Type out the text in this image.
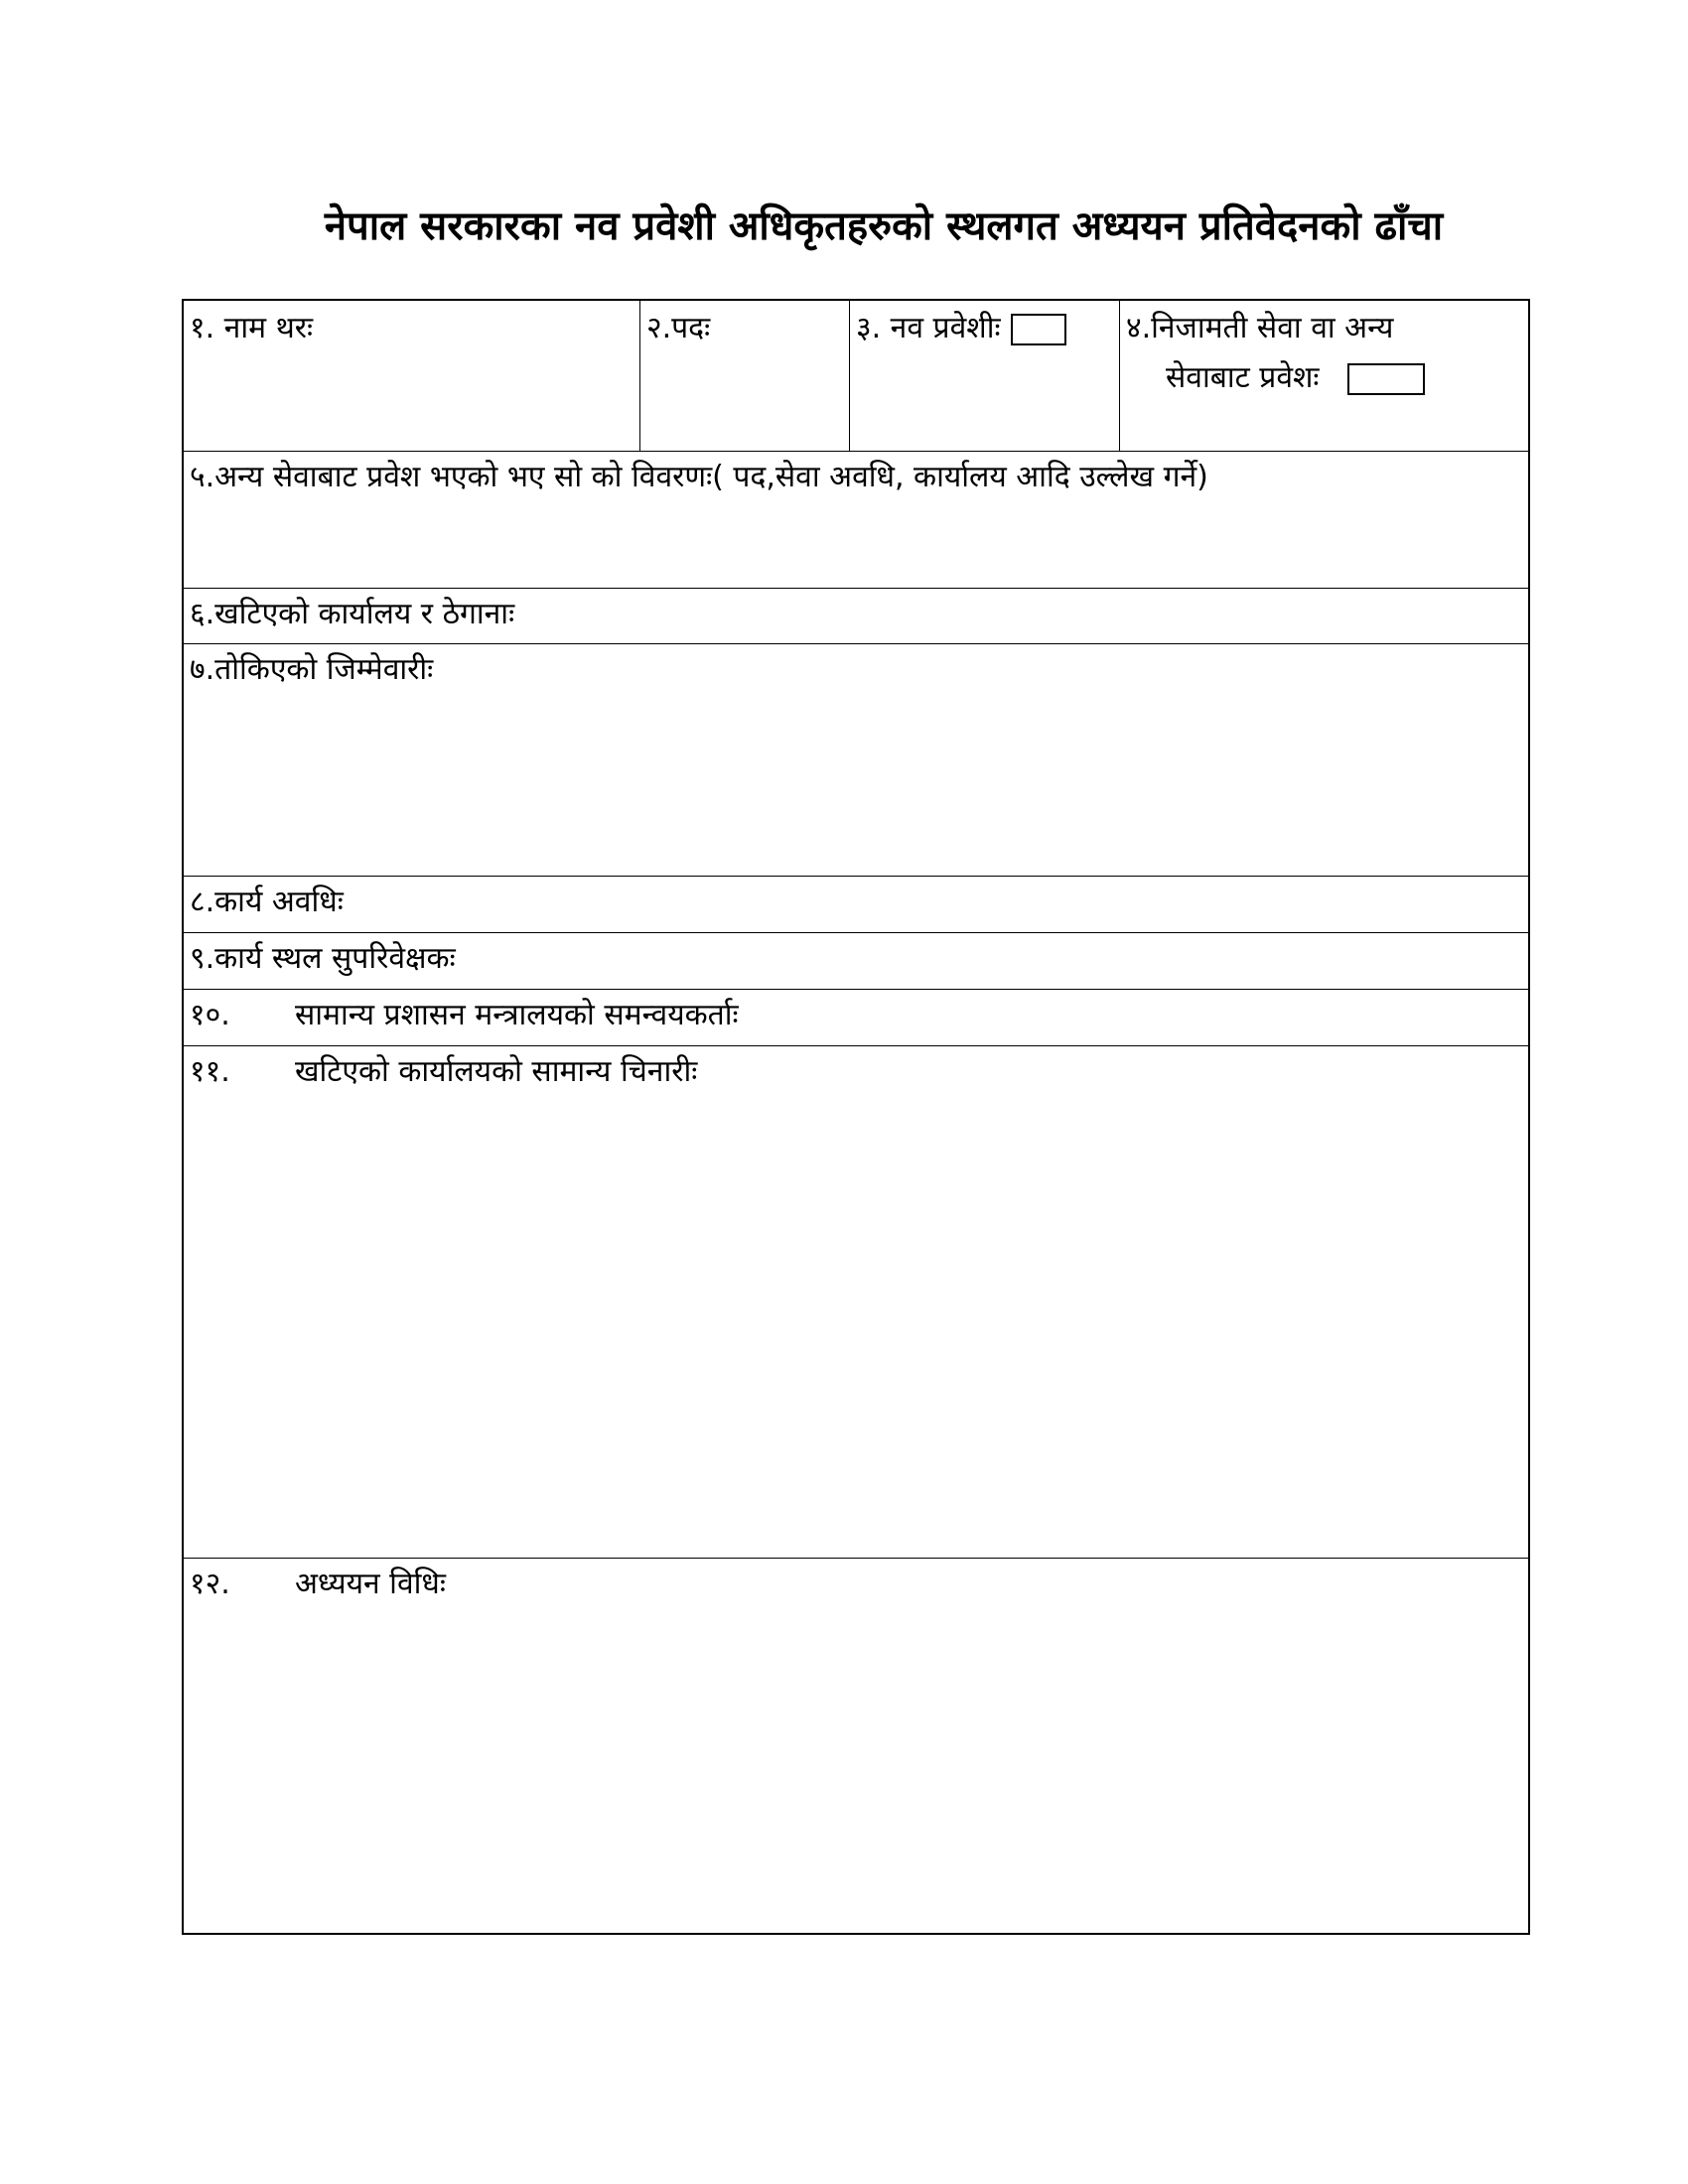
नेपाल सरकारका नव प्रवेशी अधिकृतहरुको स्थलगत अध्ययन प्रतिवेदनको ढाँचा
१. नाम थरः	२.पदः	३. नव प्रवेशीः	४.निजामती सेवा वा अन्य
सेवाबाट प्रवेशः
५.अन्य सेवाबाट प्रवेश भएको भए सो को विवरणः( पद,सेवा अवधि, कार्यालय आदि उल्लेख गर्ने)
६.खटिएको कार्यालय र ठेगानाः
७.तोकिएको जिम्मेवारीः
८.कार्य अवधिः
९.कार्य स्थल सुपरिवेक्षकः
१०.	सामान्य प्रशासन मन्त्रालयको समन्वयकर्ताः
११.	खटिएको कार्यालयको सामान्य चिनारीः
१२.	अध्ययन विधिः
